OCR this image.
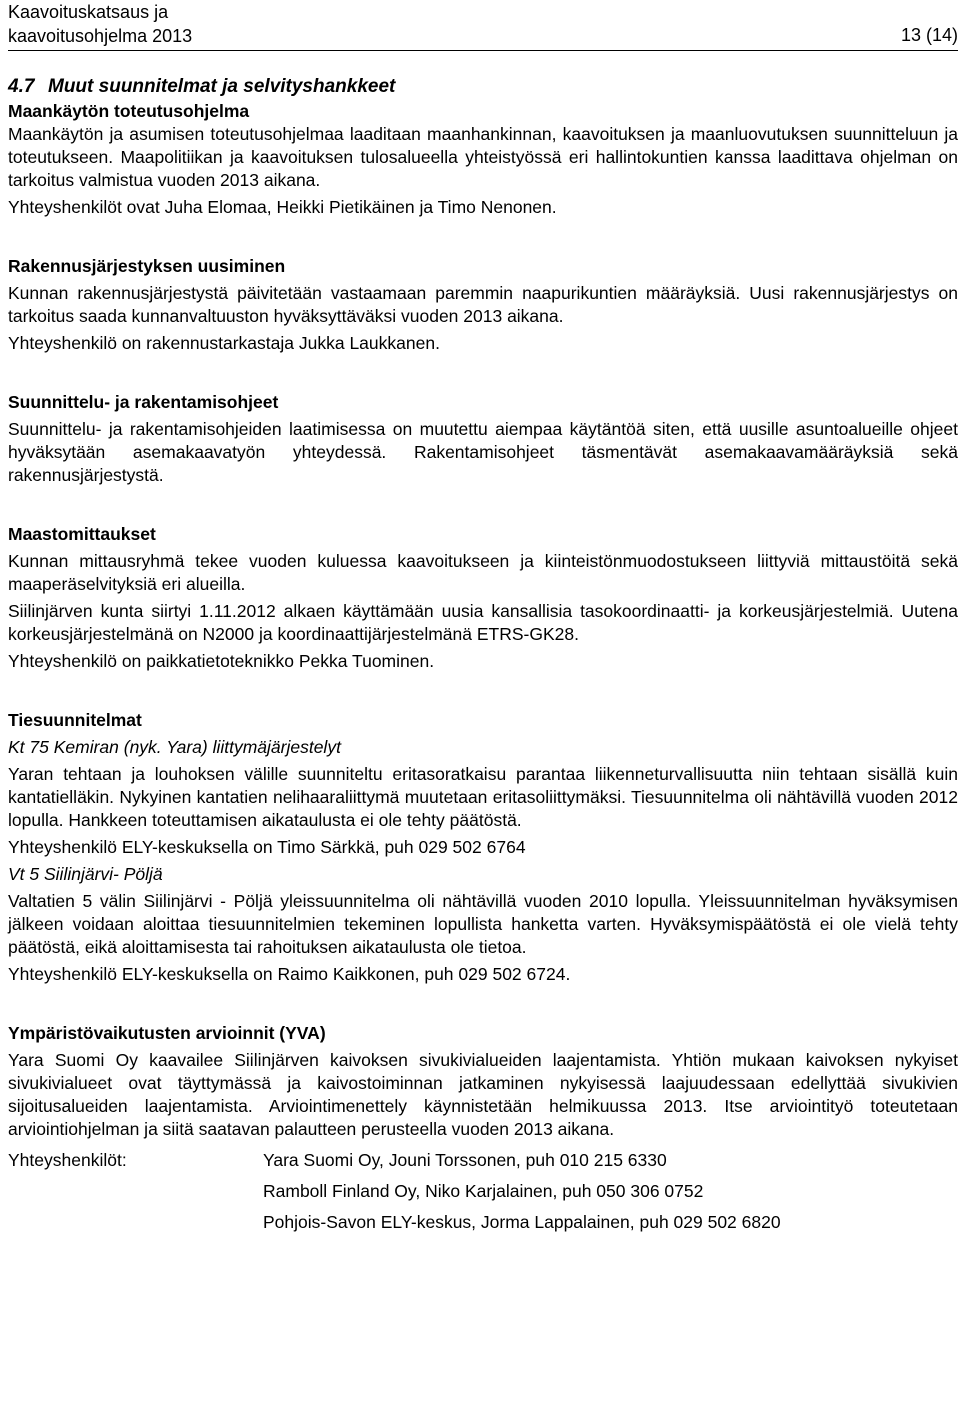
Kaavoituskatsaus ja
kaavoitusohjelma 2013	13 (14)
4.7 Muut suunnitelmat ja selvityshankkeet
Maankäytön toteutusohjelma

Maankäytön ja asumisen toteutusohjelmaa laaditaan maanhankinnan, kaavoituksen ja maanluovutuksen suunnitteluun ja toteutukseen. Maapolitiikan ja kaavoituksen tulosalueella yhteistyössä eri hallintokuntien kanssa laadittava ohjelman on tarkoitus valmistua vuoden 2013 aikana.

Yhteyshenkilöt ovat Juha Elomaa, Heikki Pietikäinen ja Timo Nenonen.

Rakennusjärjestyksen uusiminen

Kunnan rakennusjärjestystä päivitetään vastaamaan paremmin naapurikuntien määräyksiä. Uusi rakennusjärjestys on tarkoitus saada kunnanvaltuuston hyväksyttäväksi vuoden 2013 aikana.

Yhteyshenkilö on rakennustarkastaja Jukka Laukkanen.

Suunnittelu- ja rakentamisohjeet

Suunnittelu- ja rakentamisohjeiden laatimisessa on muutettu aiempaa käytäntöä siten, että uusille asuntoalueille ohjeet hyväksytään asemakaavatyön yhteydessä. Rakentamisohjeet täsmentävät asemakaavamääräyksiä sekä rakennusjärjestystä.

Maastomittaukset

Kunnan mittausryhmä tekee vuoden kuluessa kaavoitukseen ja kiinteistönmuodostukseen liittyviä mittaustöitä sekä maaperäselvityksiä eri alueilla.

Siilinjärven kunta siirtyi 1.11.2012 alkaen käyttämään uusia kansallisia tasokoordinaatti- ja korkeusjärjestelmiä. Uutena korkeusjärjestelmänä on N2000 ja koordinaattijärjestelmänä ETRS-GK28.

Yhteyshenkilö on paikkatietoteknikko Pekka Tuominen.

Tiesuunnitelmat

Kt 75 Kemiran (nyk. Yara) liittymäjärjestelyt

Yaran tehtaan ja louhoksen välille suunniteltu eritasoratkaisu parantaa liikenneturvallisuutta niin tehtaan sisällä kuin kantatielläkin. Nykyinen kantatien nelihaaraliittymä muutetaan eritasoliittymäksi. Tiesuunnitelma oli nähtävillä vuoden 2012 lopulla. Hankkeen toteuttamisen aikataulusta ei ole tehty päätöstä.

Yhteyshenkilö ELY-keskuksella on Timo Särkkä, puh 029 502 6764

Vt 5 Siilinjärvi- Pöljä

Valtatien 5 välin Siilinjärvi - Pöljä yleissuunnitelma oli nähtävillä vuoden 2010 lopulla. Yleissuunnitelman hyväksymisen jälkeen voidaan aloittaa tiesuunnitelmien tekeminen lopullista hanketta varten. Hyväksymispäätöstä ei ole vielä tehty päätöstä, eikä aloittamisesta tai rahoituksen aikataulusta ole tietoa.

Yhteyshenkilö ELY-keskuksella on Raimo Kaikkonen, puh 029 502 6724.

Ympäristövaikutusten arvioinnit (YVA)

Yara Suomi Oy kaavailee Siilinjärven kaivoksen sivukivialueiden laajentamista. Yhtiön mukaan kaivoksen nykyiset sivukivialueet ovat täyttymässä ja kaivostoiminnan jatkaminen nykyisessä laajuudessaan edellyttää sivukivien sijoitusalueiden laajentamista. Arviointimenettely käynnistetään helmikuussa 2013. Itse arviointityö toteutetaan arviointiohjelman ja siitä saatavan palautteen perusteella vuoden 2013 aikana.

Yhteyshenkilöt:	Yara Suomi Oy, Jouni Torssonen, puh 010 215 6330
Ramboll Finland Oy, Niko Karjalainen, puh 050 306 0752
Pohjois-Savon ELY-keskus, Jorma Lappalainen, puh 029 502 6820
